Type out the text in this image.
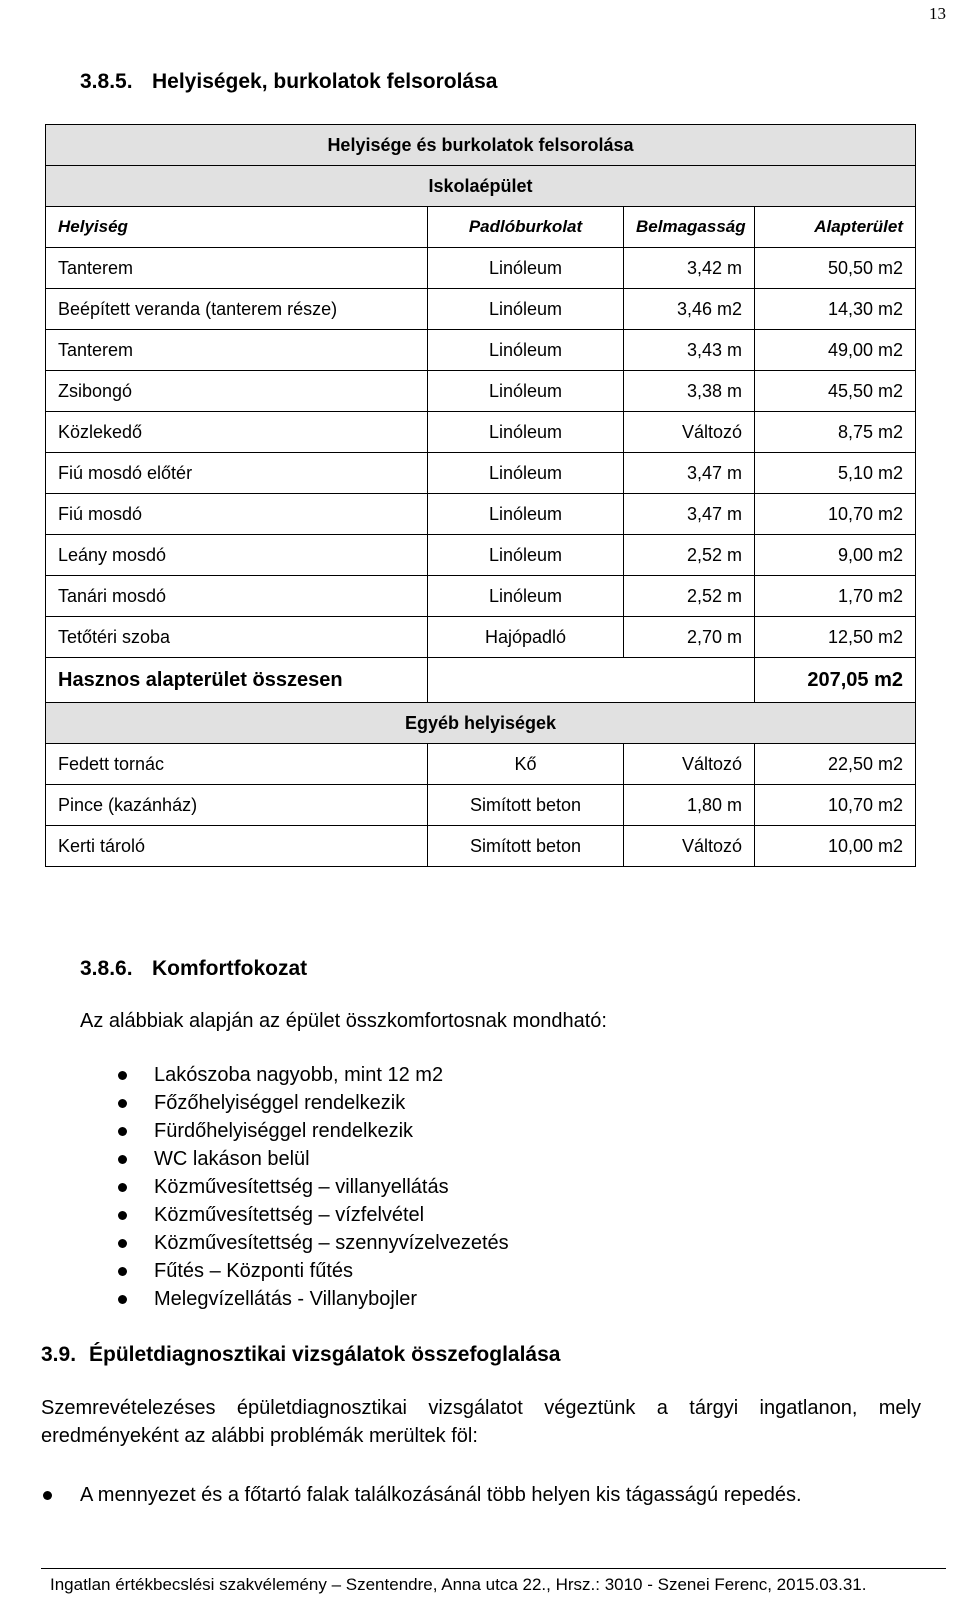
13
3.8.5. Helyiségek, burkolatok felsorolása
Helyisége és burkolatok felsorolása			
Iskolaépület			
Helyiség	Padlóburkolat	Belmagasság	Alapterület
Tanterem	Linóleum	3,42 m	50,50 m2
Beépített veranda (tanterem része)	Linóleum	3,46 m2	14,30 m2
Tanterem	Linóleum	3,43 m	49,00 m2
Zsibongó	Linóleum	3,38 m	45,50 m2
Közlekedő	Linóleum	Változó	8,75 m2
Fiú mosdó előtér	Linóleum	3,47 m	5,10 m2
Fiú mosdó	Linóleum	3,47 m	10,70 m2
Leány mosdó	Linóleum	2,52 m	9,00 m2
Tanári mosdó	Linóleum	2,52 m	1,70 m2
Tetőtéri szoba	Hajópadló	2,70 m	12,50 m2
Hasznos alapterület összesen			207,05 m2
Egyéb helyiségek			
Fedett tornác	Kő	Változó	22,50 m2
Pince (kazánház)	Simított beton	1,80 m	10,70 m2
Kerti tároló	Simított beton	Változó	10,00 m2
3.8.6. Komfortfokozat
Az alábbiak alapján az épület összkomfortosnak mondható:
Lakószoba nagyobb, mint 12 m2
Főzőhelyiséggel rendelkezik
Fürdőhelyiséggel rendelkezik
WC lakáson belül
Közművesítettség – villanyellátás
Közművesítettség – vízfelvétel
Közművesítettség – szennyvízelvezetés
Fűtés – Központi fűtés
Melegvízellátás - Villanybojler
3.9. Épületdiagnosztikai vizsgálatok összefoglalása
Szemrevételezéses épületdiagnosztikai vizsgálatot végeztünk a tárgyi ingatlanon, mely eredményeként az alábbi problémák merültek föl:
A mennyezet és a főtartó falak találkozásánál több helyen kis tágasságú repedés.
Ingatlan értékbecslési szakvélemény – Szentendre, Anna utca 22., Hrsz.: 3010 - Szenei Ferenc, 2015.03.31.
